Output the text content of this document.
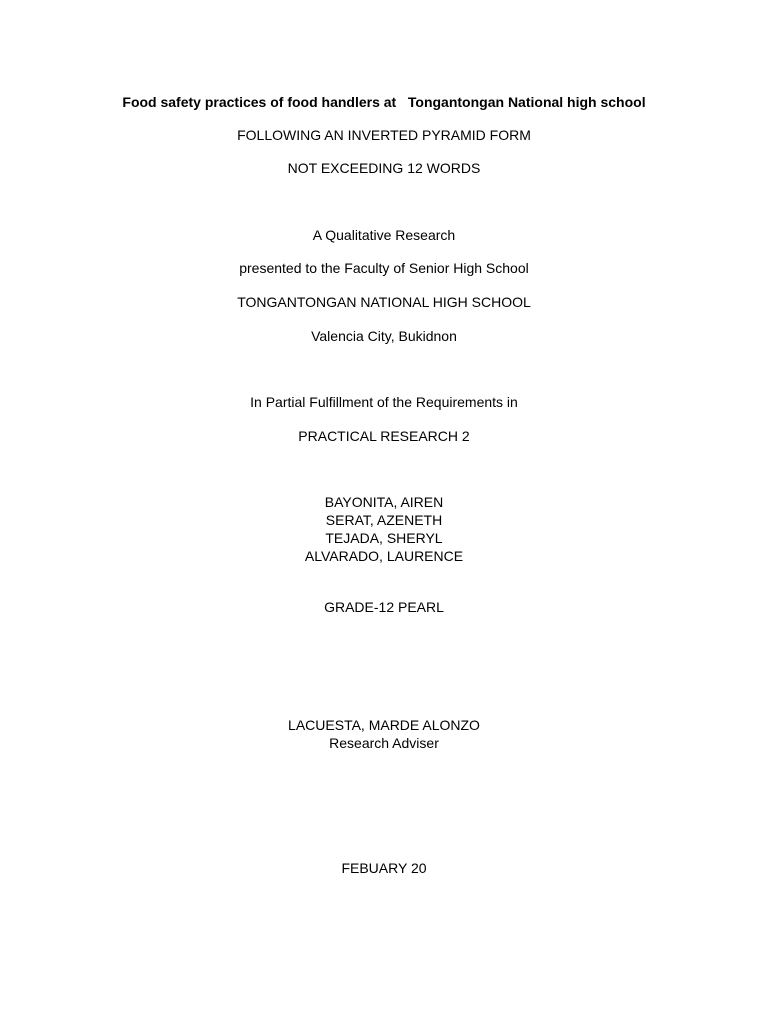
Food safety practices of food handlers at   Tongantongan National high school
FOLLOWING AN INVERTED PYRAMID FORM
NOT EXCEEDING 12 WORDS
A Qualitative Research
presented to the Faculty of Senior High School
TONGANTONGAN NATIONAL HIGH SCHOOL
Valencia City, Bukidnon
In Partial Fulfillment of the Requirements in
PRACTICAL RESEARCH 2
BAYONITA, AIREN
SERAT, AZENETH
TEJADA, SHERYL
ALVARADO, LAURENCE
GRADE-12 PEARL
LACUESTA, MARDE ALONZO
Research Adviser
FEBUARY 20
